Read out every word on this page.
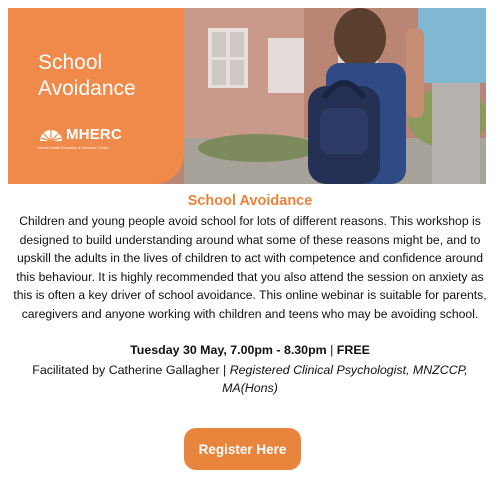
School
Avoidance
MHERC
Mental Health Education & Resource Centre
School Avoidance

Children and young people avoid school for lots of different reasons. This workshop is designed to build understanding around what some of these reasons might be, and to upskill the adults in the lives of children to act with competence and confidence around this behaviour. It is highly recommended that you also attend the session on anxiety as this is often a key driver of school avoidance. This online webinar is suitable for parents, caregivers and anyone working with children and teens who may be avoiding school.

Tuesday 30 May, 7.00pm - 8.30pm | FREE

Facilitated by Catherine Gallagher | Registered Clinical Psychologist, MNZCCP, MA(Hons)

Register Here
